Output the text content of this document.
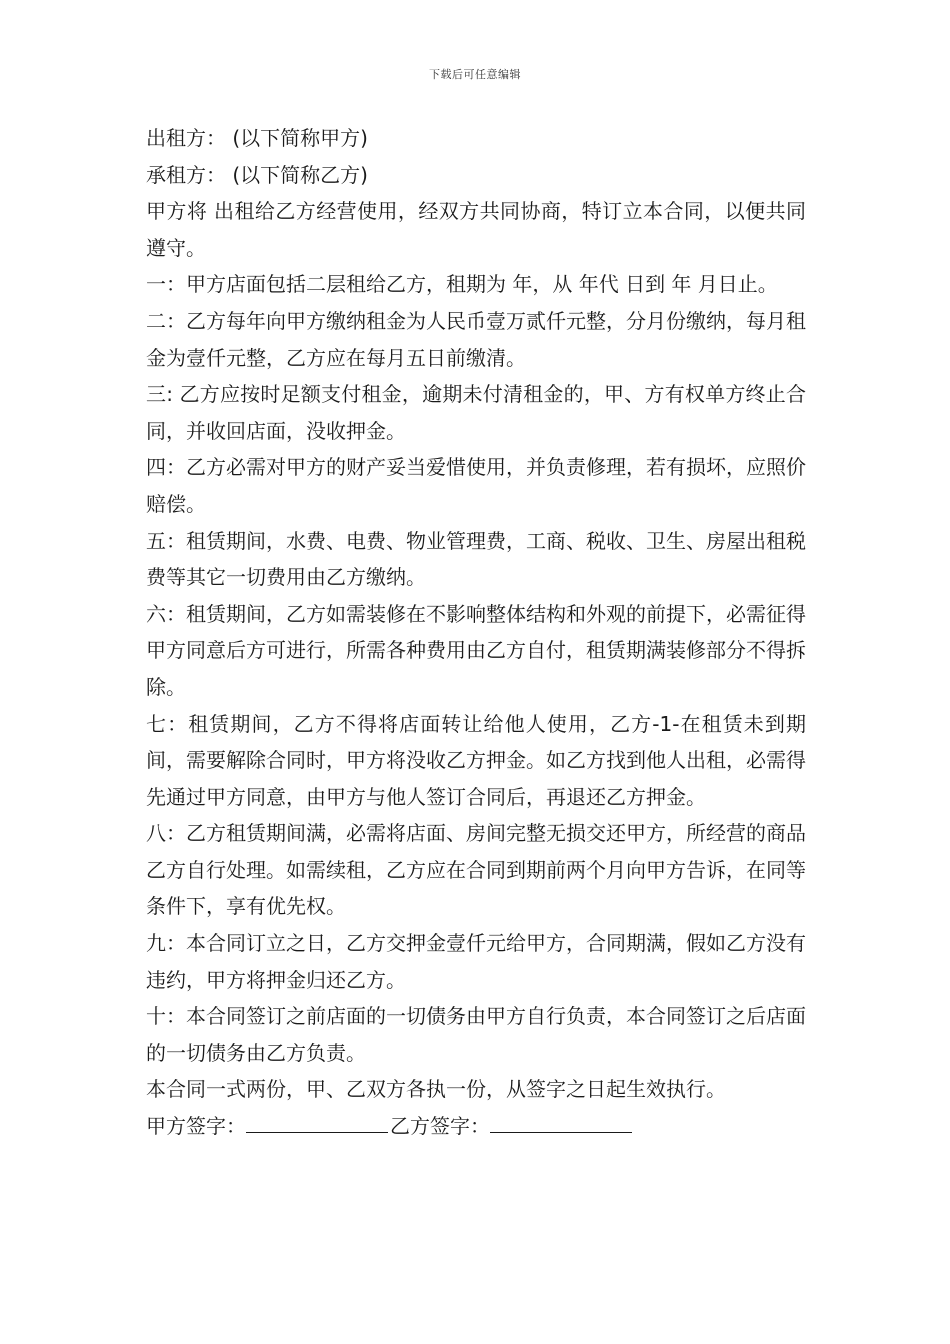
下载后可任意编辑

出租方： (以下简称甲方)

承租方： (以下简称乙方)

甲方将 出租给乙方经营使用，经双方共同协商，特订立本合同，以便共同遵守。

一：甲方店面包括二层租给乙方，租期为 年，从 年代 日到 年 月日止。

二：乙方每年向甲方缴纳租金为人民币壹万贰仟元整，分月份缴纳，每月租金为壹仟元整，乙方应在每月五日前缴清。

三: 乙方应按时足额支付租金，逾期未付清租金的，甲、方有权单方终止合同，并收回店面，没收押金。

四：乙方必需对甲方的财产妥当爱惜使用，并负责修理，若有损坏，应照价赔偿。

五：租赁期间，水费、电费、物业管理费，工商、税收、卫生、房屋出租税费等其它一切费用由乙方缴纳。

六：租赁期间，乙方如需装修在不影响整体结构和外观的前提下，必需征得甲方同意后方可进行，所需各种费用由乙方自付，租赁期满装修部分不得拆除。

七：租赁期间，乙方不得将店面转让给他人使用，乙方-1-在租赁未到期间，需要解除合同时，甲方将没收乙方押金。如乙方找到他人出租，必需得先通过甲方同意，由甲方与他人签订合同后，再退还乙方押金。

八：乙方租赁期间满，必需将店面、房间完整无损交还甲方，所经营的商品乙方自行处理。如需续租，乙方应在合同到期前两个月向甲方告诉，在同等条件下，享有优先权。

九：本合同订立之日，乙方交押金壹仟元给甲方，合同期满，假如乙方没有违约，甲方将押金归还乙方。

十：本合同签订之前店面的一切债务由甲方自行负责，本合同签订之后店面的一切债务由乙方负责。

本合同一式两份，甲、乙双方各执一份，从签字之日起生效执行。

甲方签字：	乙方签字：
